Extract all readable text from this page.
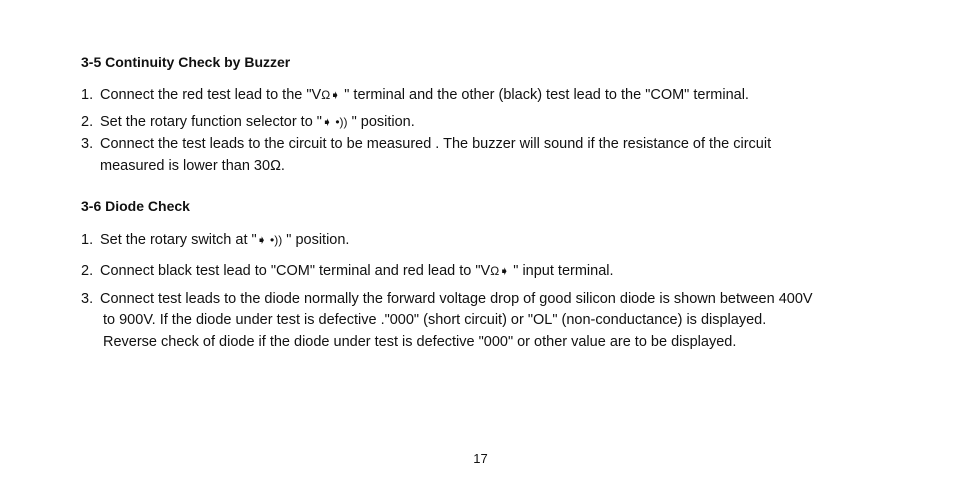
3-5 Continuity Check by Buzzer

1. Connect the red test lead to the "VΩ➧ " terminal and the other (black) test lead to the "COM" terminal.

2. Set the rotary function selector to "➧ •)) " position.

3. Connect the test leads to the circuit to be measured . The buzzer will sound if the resistance of the circuit

measured is lower than 30Ω.

3-6 Diode Check

1. Set the rotary switch at "➧ •)) " position.

2. Connect black test lead to "COM" terminal and red lead to "VΩ➧ " input terminal.

3. Connect test leads to the diode normally the forward voltage drop of good silicon diode is shown between 400V

to 900V. If the diode under test is defective ."000" (short circuit) or "OL" (non-conductance) is displayed.

Reverse check of diode if the diode under test is defective "000" or other value are to be displayed.

17
